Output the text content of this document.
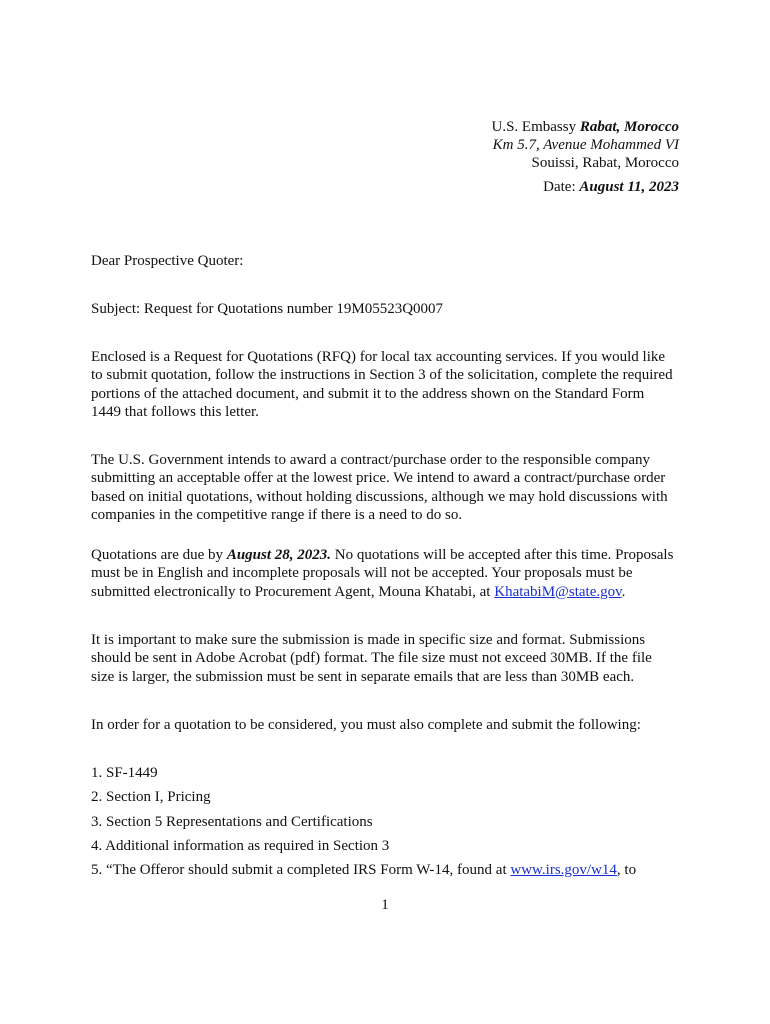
U.S. Embassy Rabat, Morocco
Km 5.7, Avenue Mohammed VI
Souissi, Rabat, Morocco
Date: August 11, 2023
Dear Prospective Quoter:
Subject: Request for Quotations number 19M05523Q0007
Enclosed is a Request for Quotations (RFQ) for local tax accounting services. If you would like
to submit quotation, follow the instructions in Section 3 of the solicitation, complete the required
portions of the attached document, and submit it to the address shown on the Standard Form
1449 that follows this letter.
The U.S. Government intends to award a contract/purchase order to the responsible company
submitting an acceptable offer at the lowest price. We intend to award a contract/purchase order
based on initial quotations, without holding discussions, although we may hold discussions with
companies in the competitive range if there is a need to do so.
Quotations are due by August 28, 2023. No quotations will be accepted after this time. Proposals
must be in English and incomplete proposals will not be accepted. Your proposals must be
submitted electronically to Procurement Agent, Mouna Khatabi, at KhatabiM@state.gov.
It is important to make sure the submission is made in specific size and format. Submissions
should be sent in Adobe Acrobat (pdf) format. The file size must not exceed 30MB. If the file
size is larger, the submission must be sent in separate emails that are less than 30MB each.
In order for a quotation to be considered, you must also complete and submit the following:
1. SF-1449
2. Section I, Pricing
3. Section 5 Representations and Certifications
4. Additional information as required in Section 3
5. “The Offeror should submit a completed IRS Form W-14, found at www.irs.gov/w14, to
1
